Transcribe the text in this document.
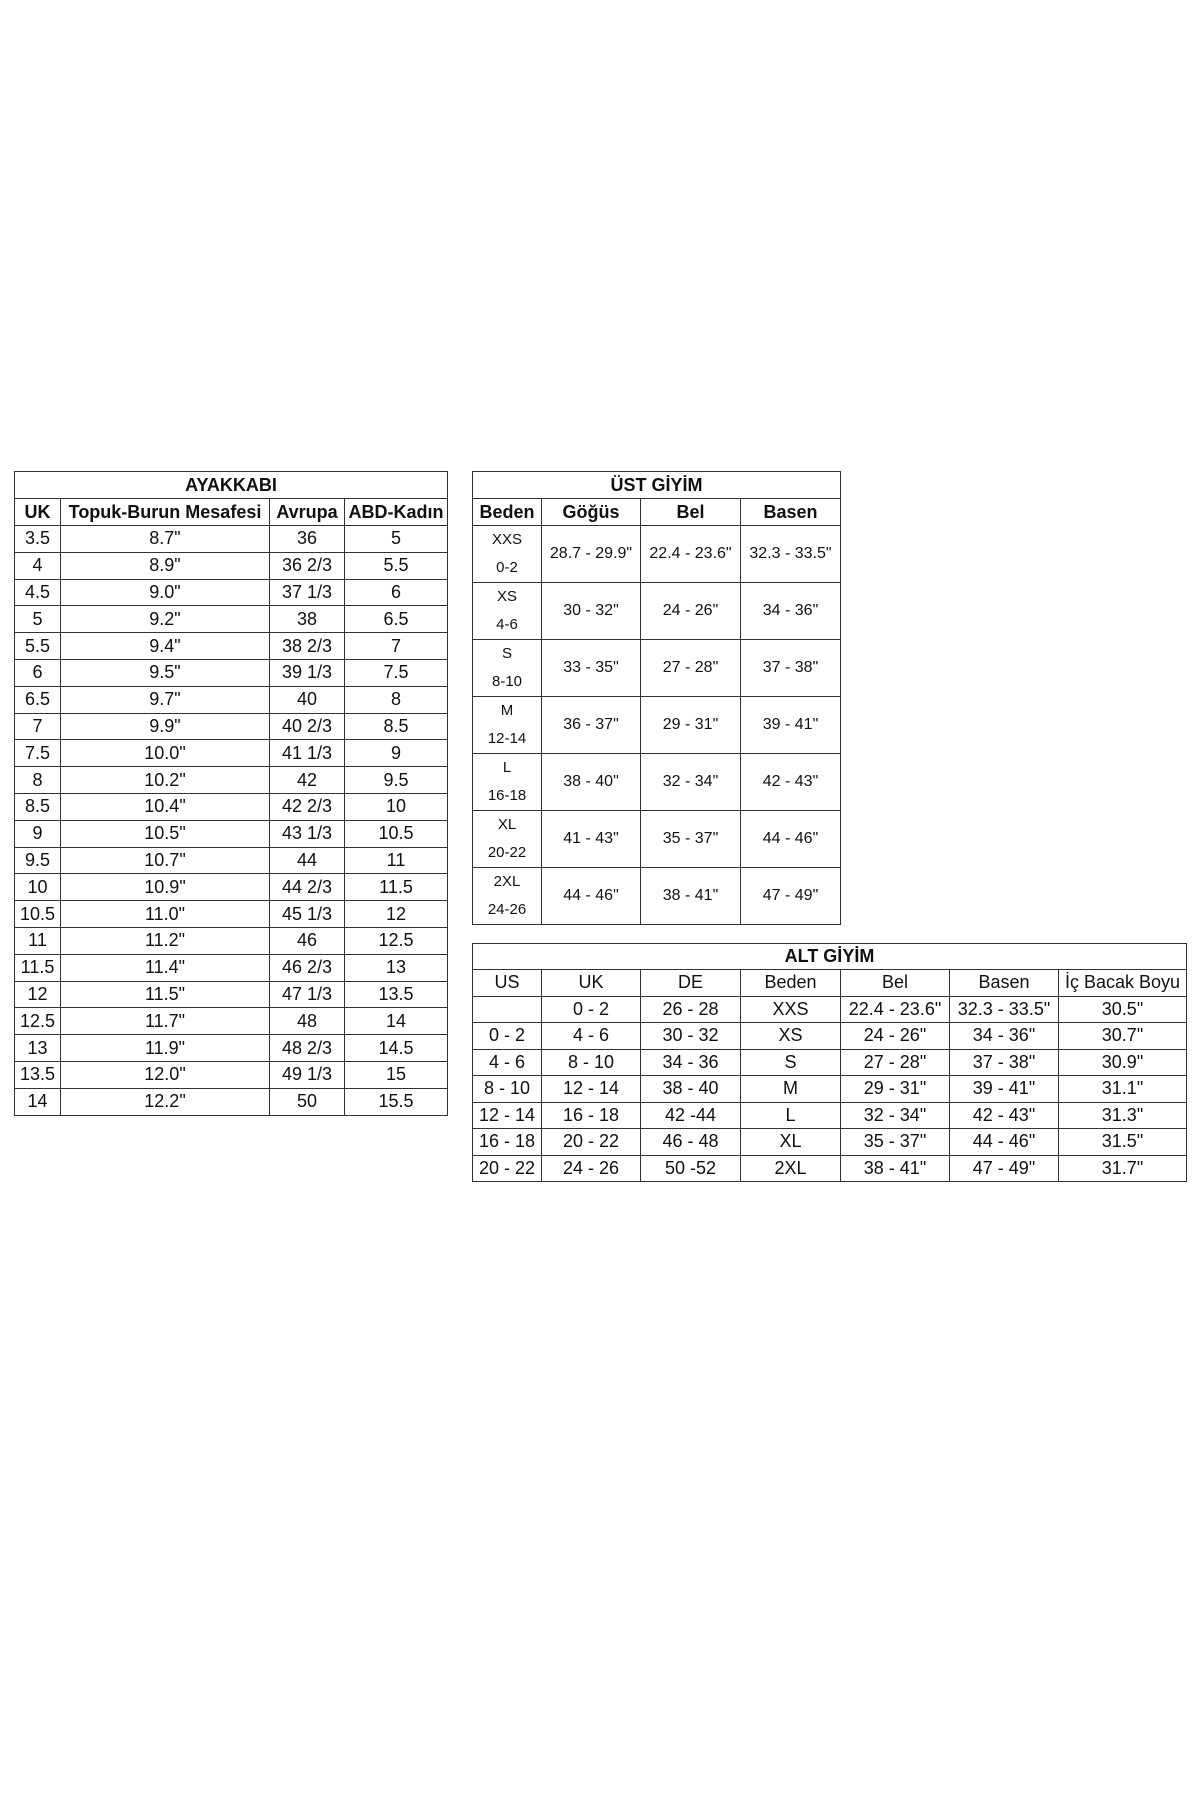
AYAKKABI			
UK	Topuk-Burun Mesafesi	Avrupa	ABD-Kadın
3.5	8.7"	36	5
4	8.9"	36 2/3	5.5
4.5	9.0"	37 1/3	6
5	9.2"	38	6.5
5.5	9.4"	38 2/3	7
6	9.5"	39 1/3	7.5
6.5	9.7"	40	8
7	9.9"	40 2/3	8.5
7.5	10.0"	41 1/3	9
8	10.2"	42	9.5
8.5	10.4"	42 2/3	10
9	10.5"	43 1/3	10.5
9.5	10.7"	44	11
10	10.9"	44 2/3	11.5
10.5	11.0"	45 1/3	12
11	11.2"	46	12.5
11.5	11.4"	46 2/3	13
12	11.5"	47 1/3	13.5
12.5	11.7"	48	14
13	11.9"	48 2/3	14.5
13.5	12.0"	49 1/3	15
14	12.2"	50	15.5
ÜST GİYİM			
Beden	Göğüs	Bel	Basen

XXS
0-2	28.7 - 29.9"	22.4 - 23.6"	32.3 - 33.5"

XS
4-6	30 - 32"	24 - 26"	34 - 36"

S
8-10	33 - 35"	27 - 28"	37 - 38"

M
12-14	36 - 37"	29 - 31"	39 - 41"

L
16-18	38 - 40"	32 - 34"	42 - 43"

XL
20-22	41 - 43"	35 - 37"	44 - 46"

2XL
24-26	44 - 46"	38 - 41"	47 - 49"
ALT GİYİM						
US	UK	DE	Beden	Bel	Basen	İç Bacak Boyu
	0 - 2	26 - 28	XXS	22.4 - 23.6"	32.3 - 33.5"	30.5"
0 - 2	4 - 6	30 - 32	XS	24 - 26"	34 - 36"	30.7"
4 - 6	8 - 10	34 - 36	S	27 - 28"	37 - 38"	30.9"
8 - 10	12 - 14	38 - 40	M	29 - 31"	39 - 41"	31.1"
12 - 14	16 - 18	42 -44	L	32 - 34"	42 - 43"	31.3"
16 - 18	20 - 22	46 - 48	XL	35 - 37"	44 - 46"	31.5"
20 - 22	24 - 26	50 -52	2XL	38 - 41"	47 - 49"	31.7"
